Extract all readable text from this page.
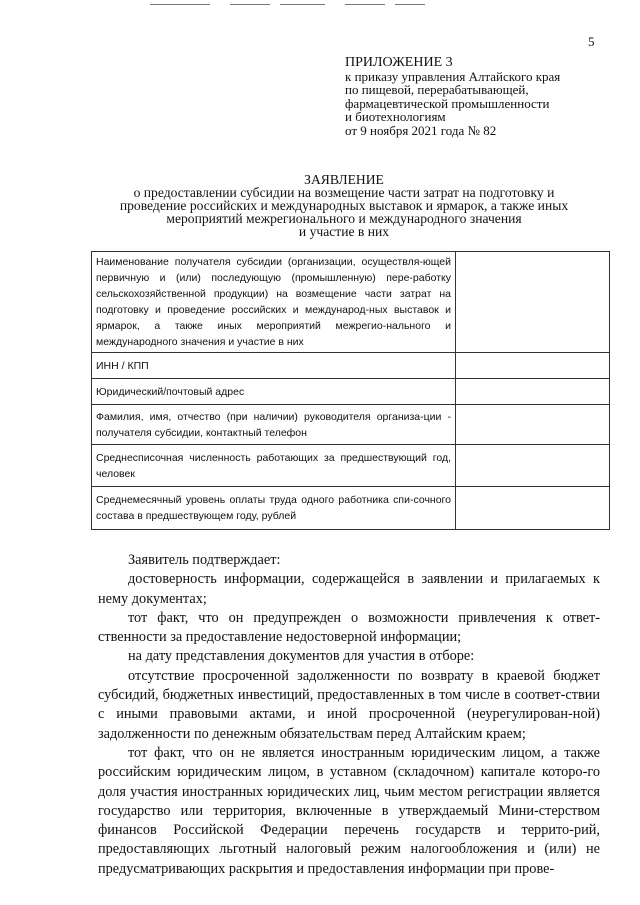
5
ПРИЛОЖЕНИЕ 3
к приказу управления Алтайского края
по пищевой, перерабатывающей,
фармацевтической промышленности
и биотехнологиям
от 9 ноября 2021 года № 82
ЗАЯВЛЕНИЕ
о предоставлении субсидии на возмещение части затрат на подготовку и
проведение российских и международных выставок и ярмарок, а также иных
мероприятий межрегионального и международного значения
и участие в них
Наименование получателя субсидии (организации, осуществля-ющей первичную и (или) последующую (промышленную) пере-работку сельскохозяйственной продукции) на возмещение части затрат на подготовку и проведение российских и международ-ных выставок и ярмарок, а также иных мероприятий межрегио-нального и международного значения и участие в них	
ИНН / КПП	
Юридический/почтовый адрес	
Фамилия, имя, отчество (при наличии) руководителя организа-ции - получателя субсидии, контактный телефон	
Среднесписочная численность работающих за предшествующий год, человек	
Среднемесячный уровень оплаты труда одного работника спи-сочного состава в предшествующем году, рублей	

Заявитель подтверждает:

достоверность информации, содержащейся в заявлении и прилагаемых к нему документах;

тот факт, что он предупрежден о возможности привлечения к ответ-ственности за предоставление недостоверной информации;

на дату представления документов для участия в отборе:

отсутствие просроченной задолженности по возврату в краевой бюджет субсидий, бюджетных инвестиций, предоставленных в том числе в соответ-ствии с иными правовыми актами, и иной просроченной (неурегулирован-ной) задолженности по денежным обязательствам перед Алтайским краем;

тот факт, что он не является иностранным юридическим лицом, а также российским юридическим лицом, в уставном (складочном) капитале которо-го доля участия иностранных юридических лиц, чьим местом регистрации является государство или территория, включенные в утверждаемый Мини-стерством финансов Российской Федерации перечень государств и террито-рий, предоставляющих льготный налоговый режим налогообложения и (или) не предусматривающих раскрытия и предоставления информации при прове-
